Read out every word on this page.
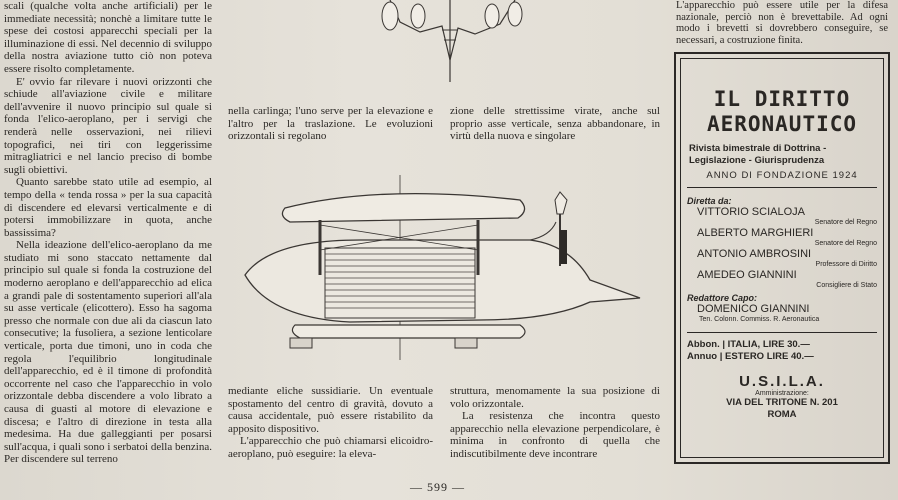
scali (qualche volta anche artificiali) per le immediate necessità; nonchè a limitare tutte le spese dei costosi apparecchi speciali per la illuminazione di essi. Nel decennio di sviluppo della nostra aviazione tutto ciò non poteva essere risolto completamente.

E' ovvio far rilevare i nuovi orizzonti che schiude all'aviazione civile e militare dell'avvenire il nuovo principio sul quale si fonda l'elico-aeroplano, per i servigi che renderà nelle osservazioni, nei rilievi topografici, nei tiri con leggerissime mitragliatrici e nel lancio preciso di bombe sugli obiettivi.

Quanto sarebbe stato utile ad esempio, al tempo della « tenda rossa » per la sua capacità di discendere ed elevarsi verticalmente e di potersi immobilizzare in quota, anche bassissima?

Nella ideazione dell'elico-aeroplano da me studiato mi sono staccato nettamente dal principio sul quale si fonda la costruzione del moderno aeroplano e dell'apparecchio ad elica a grandi pale di sostentamento superiori all'ala su asse verticale (elicottero). Esso ha sagoma presso che normale con due ali da ciascun lato consecutive; la fusoliera, a sezione lenticolare verticale, porta due timoni, uno in coda che regola l'equilibrio longitudinale dell'apparecchio, ed è il timone di profondità occorrente nel caso che l'apparecchio in volo orizzontale debba discendere a volo librato a causa di guasti al motore di elevazione e discesa; e l'altro di direzione in testa alla medesima. Ha due galleggianti per posarsi sull'acqua, i quali sono i serbatoi della benzina. Per discendere sul terreno

nella carlinga; l'uno serve per la elevazione e l'altro per la traslazione. Le evoluzioni orizzontali si regolano

zione delle strettissime virate, anche sul proprio asse verticale, senza abbandonare, in virtù della nuova e singolare

mediante eliche sussidiarie. Un eventuale spostamento del centro di gravità, dovuto a causa accidentale, può essere ristabilito da apposito dispositivo.

L'apparecchio che può chiamarsi elicoidro-aeroplano, può eseguire: la eleva-

struttura, menomamente la sua posizione di volo orizzontale.

La resistenza che incontra questo apparecchio nella elevazione perpendicolare, è minima in confronto di quella che indiscutibilmente deve incontrare

L'apparecchio può essere utile per la difesa nazionale, perciò non è brevettabile. Ad ogni modo i brevetti si dovrebbero conseguire, se necessari, a costruzione finita.

IL DIRITTO
AERONAUTICO
Rivista bimestrale di Dottrina -
Legislazione - Giurisprudenza
ANNO DI FONDAZIONE 1924
Diretta da:
VITTORIO SCIALOJA
Senatore del Regno
ALBERTO MARGHIERI
Senatore del Regno
ANTONIO AMBROSINI
Professore di Diritto
AMEDEO GIANNINI
Consigliere di Stato
Redattore Capo:
DOMENICO GIANNINI
Ten. Colonn. Commiss. R. Aeronautica
Abbon. | ITALIA, LIRE 30.—
Annuo | ESTERO LIRE 40.—
U.S.I.L.A.
Amministrazione:
VIA DEL TRITONE N. 201
ROMA
— 599 —
